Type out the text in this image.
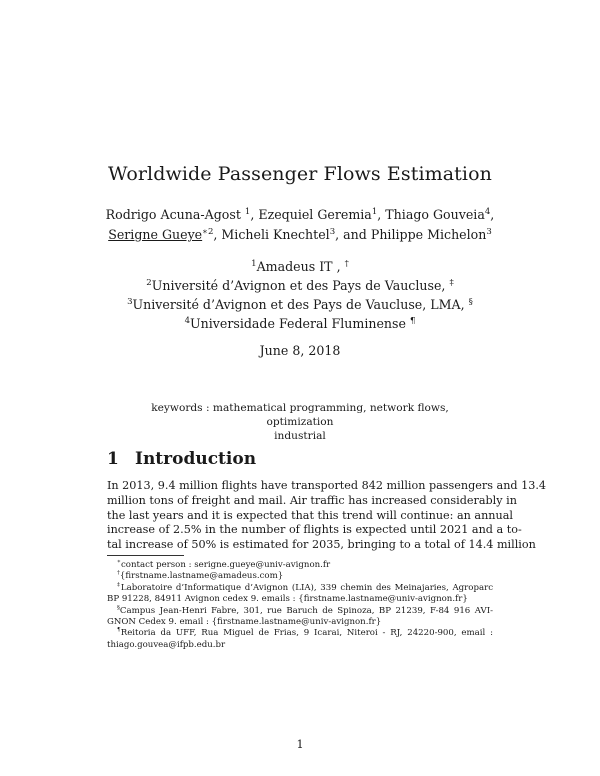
Worldwide Passenger Flows Estimation
Rodrigo Acuna-Agost $^1$, Ezequiel Geremia$^1$, Thiago Gouveia$^4$,
Serigne Gueye$^{∗2}$, Micheli Knechtel$^3$, and Philippe Michelon$^3$
$^1$Amadeus IT , †
$^2$Université d’Avignon et des Pays de Vaucluse, ‡
$^3$Université d’Avignon et des Pays de Vaucluse, LMA, §
$^4$Universidade Federal Fluminense ¶
June 8, 2018
keywords : mathematical programming, network flows, optimization
industrial
1 Introduction
In 2013, 9.4 million flights have transported 842 million passengers and 13.4
million tons of freight and mail. Air traffic has increased considerably in
the last years and it is expected that this trend will continue: an annual
increase of 2.5% in the number of flights is expected until 2021 and a to-
tal increase of 50% is estimated for 2035, bringing to a total of 14.4 million
∗contact person : serigne.gueye@univ-avignon.fr
†{firstname.lastname@amadeus.com}
‡Laboratoire d’Informatique d’Avignon (LIA), 339 chemin des Meinajaries, Agroparc
BP 91228, 84911 Avignon cedex 9. emails : {firstname.lastname@univ-avignon.fr}
§Campus Jean-Henri Fabre, 301, rue Baruch de Spinoza, BP 21239, F-84 916 AVI-
GNON Cedex 9. email : {firstname.lastname@univ-avignon.fr}
¶Reitoria da UFF, Rua Miguel de Frias, 9 Icarai, Niteroi - RJ, 24220-900, email :
thiago.gouvea@ifpb.edu.br
1
